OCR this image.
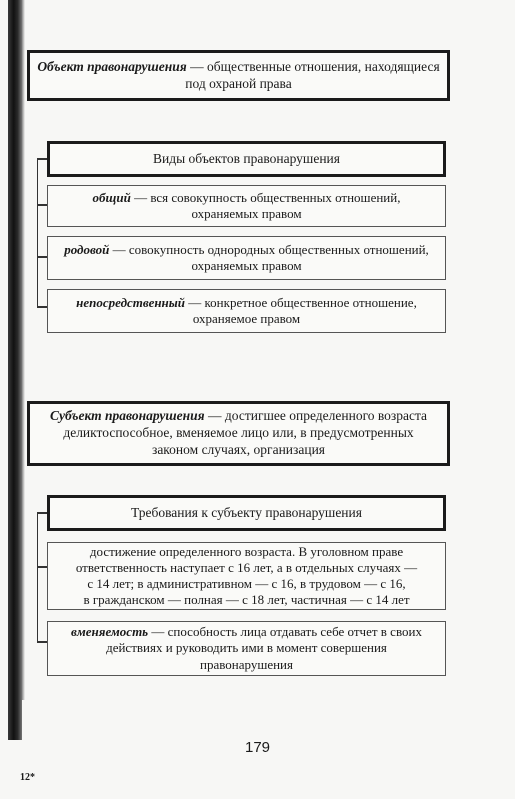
Объект правонарушения — общественные отношения, находящиеся

под охраной права

Виды объектов правонарушения

общий — вся совокупность общественных отношений,

охраняемых правом

родовой — совокупность однородных общественных отношений,

охраняемых правом

непосредственный — конкретное общественное отношение,

охраняемое правом

Субъект правонарушения — достигшее определенного возраста

деликтоспособное, вменяемое лицо или, в предусмотренных

законом случаях, организация

Требования к субъекту правонарушения

достижение определенного возраста. В уголовном праве

ответственность наступает с 16 лет, а в отдельных случаях —

с 14 лет; в административном — с 16, в трудовом — с 16,

в гражданском — полная — с 18 лет, частичная — с 14 лет

вменяемость — способность лица отдавать себе отчет в своих

действиях и руководить ими в момент совершения

правонарушения

179
12*
